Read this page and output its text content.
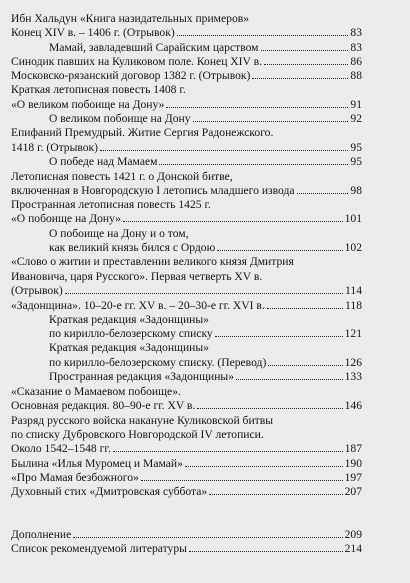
Ибн Хальдун «Книга назидательных примеров»
Конец XIV в. – 1406 г. (Отрывок)	83
Мамай, завладевший Сарайским царством	83
Синодик павших на Куликовом поле. Конец XIV в.	86
Московско-рязанский договор 1382 г. (Отрывок)	88
Краткая летописная повесть 1408 г.
«О великом побоище на Дону»	91
О великом побоище на Дону	92
Епифаний Премудрый. Житие Сергия Радонежского.
1418 г. (Отрывок)	95
О победе над Мамаем	95
Летописная повесть 1421 г. о Донской битве,
включенная в Новгородскую I летопись младшего извода	98
Пространная летописная повесть 1425 г.
«О побоище на Дону»	101
О побоище на Дону и о том,
как великий князь бился с Ордою	102
«Слово о житии и преставлении великого князя Дмитрия
Ивановича, царя Русского». Первая четверть XV в.
(Отрывок)	114
«Задонщина». 10–20-е гг. XV в. – 20–30-е гг. XVI в.	118
Краткая редакция «Задонщины»
по кирилло-белозерскому списку	121
Краткая редакция «Задонщины»
по кирилло-белозерскому списку. (Перевод)	126
Пространная редакция «Задонщины»	133
«Сказание о Мамаевом побоище».
Основная редакция. 80–90-е гг. XV в.	146
Разряд русского войска накануне Куликовской битвы
по списку Дубровского Новгородской IV летописи.
Около 1542–1548 гг.	187
Былина «Илья Муромец и Мамай»	190
«Про Мамая безбожного»	197
Духовный стих «Дмитровская суббота»	207
Дополнение	209
Список рекомендуемой литературы	214
